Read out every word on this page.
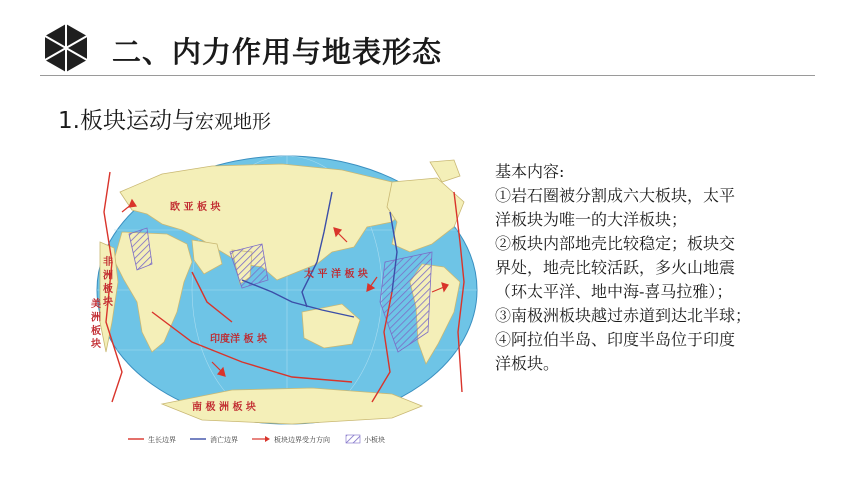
二、内力作用与地表形态
1.板块运动与宏观地形
欧 亚 板 块
太 平 洋 板 块
印度洋 板 块
南 极 洲 板 块
非 洲 板 块
美 洲 板 块
生长边界	消亡边界	板块边界受力方向	小板块

基本内容:

①岩石圈被分割成六大板块，太平

洋板块为唯一的大洋板块；

②板块内部地壳比较稳定；板块交

界处，地壳比较活跃，多火山地震

（环太平洋、地中海-喜马拉雅）；

③南极洲板块越过赤道到达北半球；

④阿拉伯半岛、印度半岛位于印度

洋板块。
